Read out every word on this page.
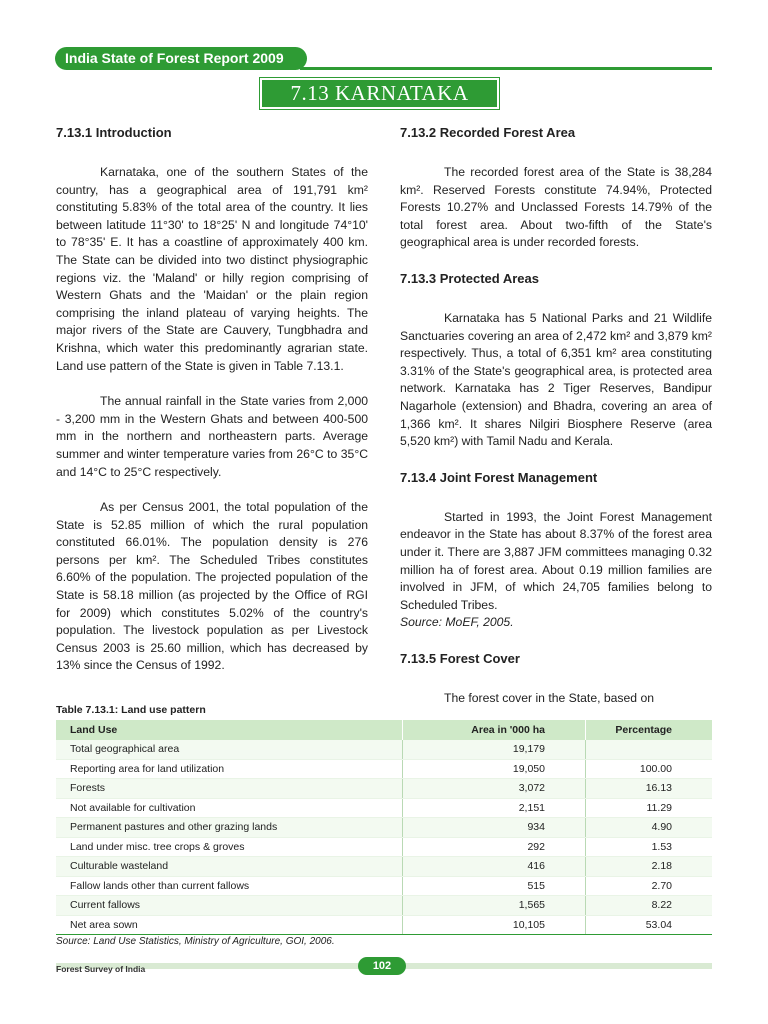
India State of Forest Report 2009
7.13 KARNATAKA
7.13.1 Introduction

Karnataka, one of the southern States of the country, has a geographical area of 191,791 km² constituting 5.83% of the total area of the country. It lies between latitude 11°30' to 18°25' N and longitude 74°10' to 78°35' E. It has a coastline of approximately 400 km. The State can be divided into two distinct physiographic regions viz. the 'Maland' or hilly region comprising of Western Ghats and the 'Maidan' or the plain region comprising the inland plateau of varying heights. The major rivers of the State are Cauvery, Tungbhadra and Krishna, which water this predominantly agrarian state. Land use pattern of the State is given in Table 7.13.1.

The annual rainfall in the State varies from 2,000 - 3,200 mm in the Western Ghats and between 400-500 mm in the northern and northeastern parts. Average summer and winter temperature varies from 26°C to 35°C and 14°C to 25°C respectively.

As per Census 2001, the total population of the State is 52.85 million of which the rural population constituted 66.01%. The population density is 276 persons per km². The Scheduled Tribes constitutes 6.60% of the population. The projected population of the State is 58.18 million (as projected by the Office of RGI for 2009) which constitutes 5.02% of the country's population. The livestock population as per Livestock Census 2003 is 25.60 million, which has decreased by 13% since the Census of 1992.

7.13.2 Recorded Forest Area

The recorded forest area of the State is 38,284 km². Reserved Forests constitute 74.94%, Protected Forests 10.27% and Unclassed Forests 14.79% of the total forest area. About two-fifth of the State's geographical area is under recorded forests.

7.13.3 Protected Areas

Karnataka has 5 National Parks and 21 Wildlife Sanctuaries covering an area of 2,472 km² and 3,879 km² respectively. Thus, a total of 6,351 km² area constituting 3.31% of the State's geographical area, is protected area network. Karnataka has 2 Tiger Reserves, Bandipur Nagarhole (extension) and Bhadra, covering an area of 1,366 km². It shares Nilgiri Biosphere Reserve (area 5,520 km²) with Tamil Nadu and Kerala.

7.13.4 Joint Forest Management

Started in 1993, the Joint Forest Management endeavor in the State has about 8.37% of the forest area under it. There are 3,887 JFM committees managing 0.32 million ha of forest area. About 0.19 million families are involved in JFM, of which 24,705 families belong to Scheduled Tribes.

Source: MoEF, 2005.

7.13.5 Forest Cover

The forest cover in the State, based on

Table 7.13.1: Land use pattern
Land Use	Area in '000 ha	Percentage
Total geographical area	19,179	
Reporting area for land utilization	19,050	100.00
Forests	3,072	16.13
Not available for cultivation	2,151	11.29
Permanent pastures and other grazing lands	934	4.90
Land under misc. tree crops & groves	292	1.53
Culturable wasteland	416	2.18
Fallow lands other than current fallows	515	2.70
Current fallows	1,565	8.22
Net area sown	10,105	53.04
Source: Land Use Statistics, Ministry of Agriculture, GOI, 2006.
Forest Survey of India	102
